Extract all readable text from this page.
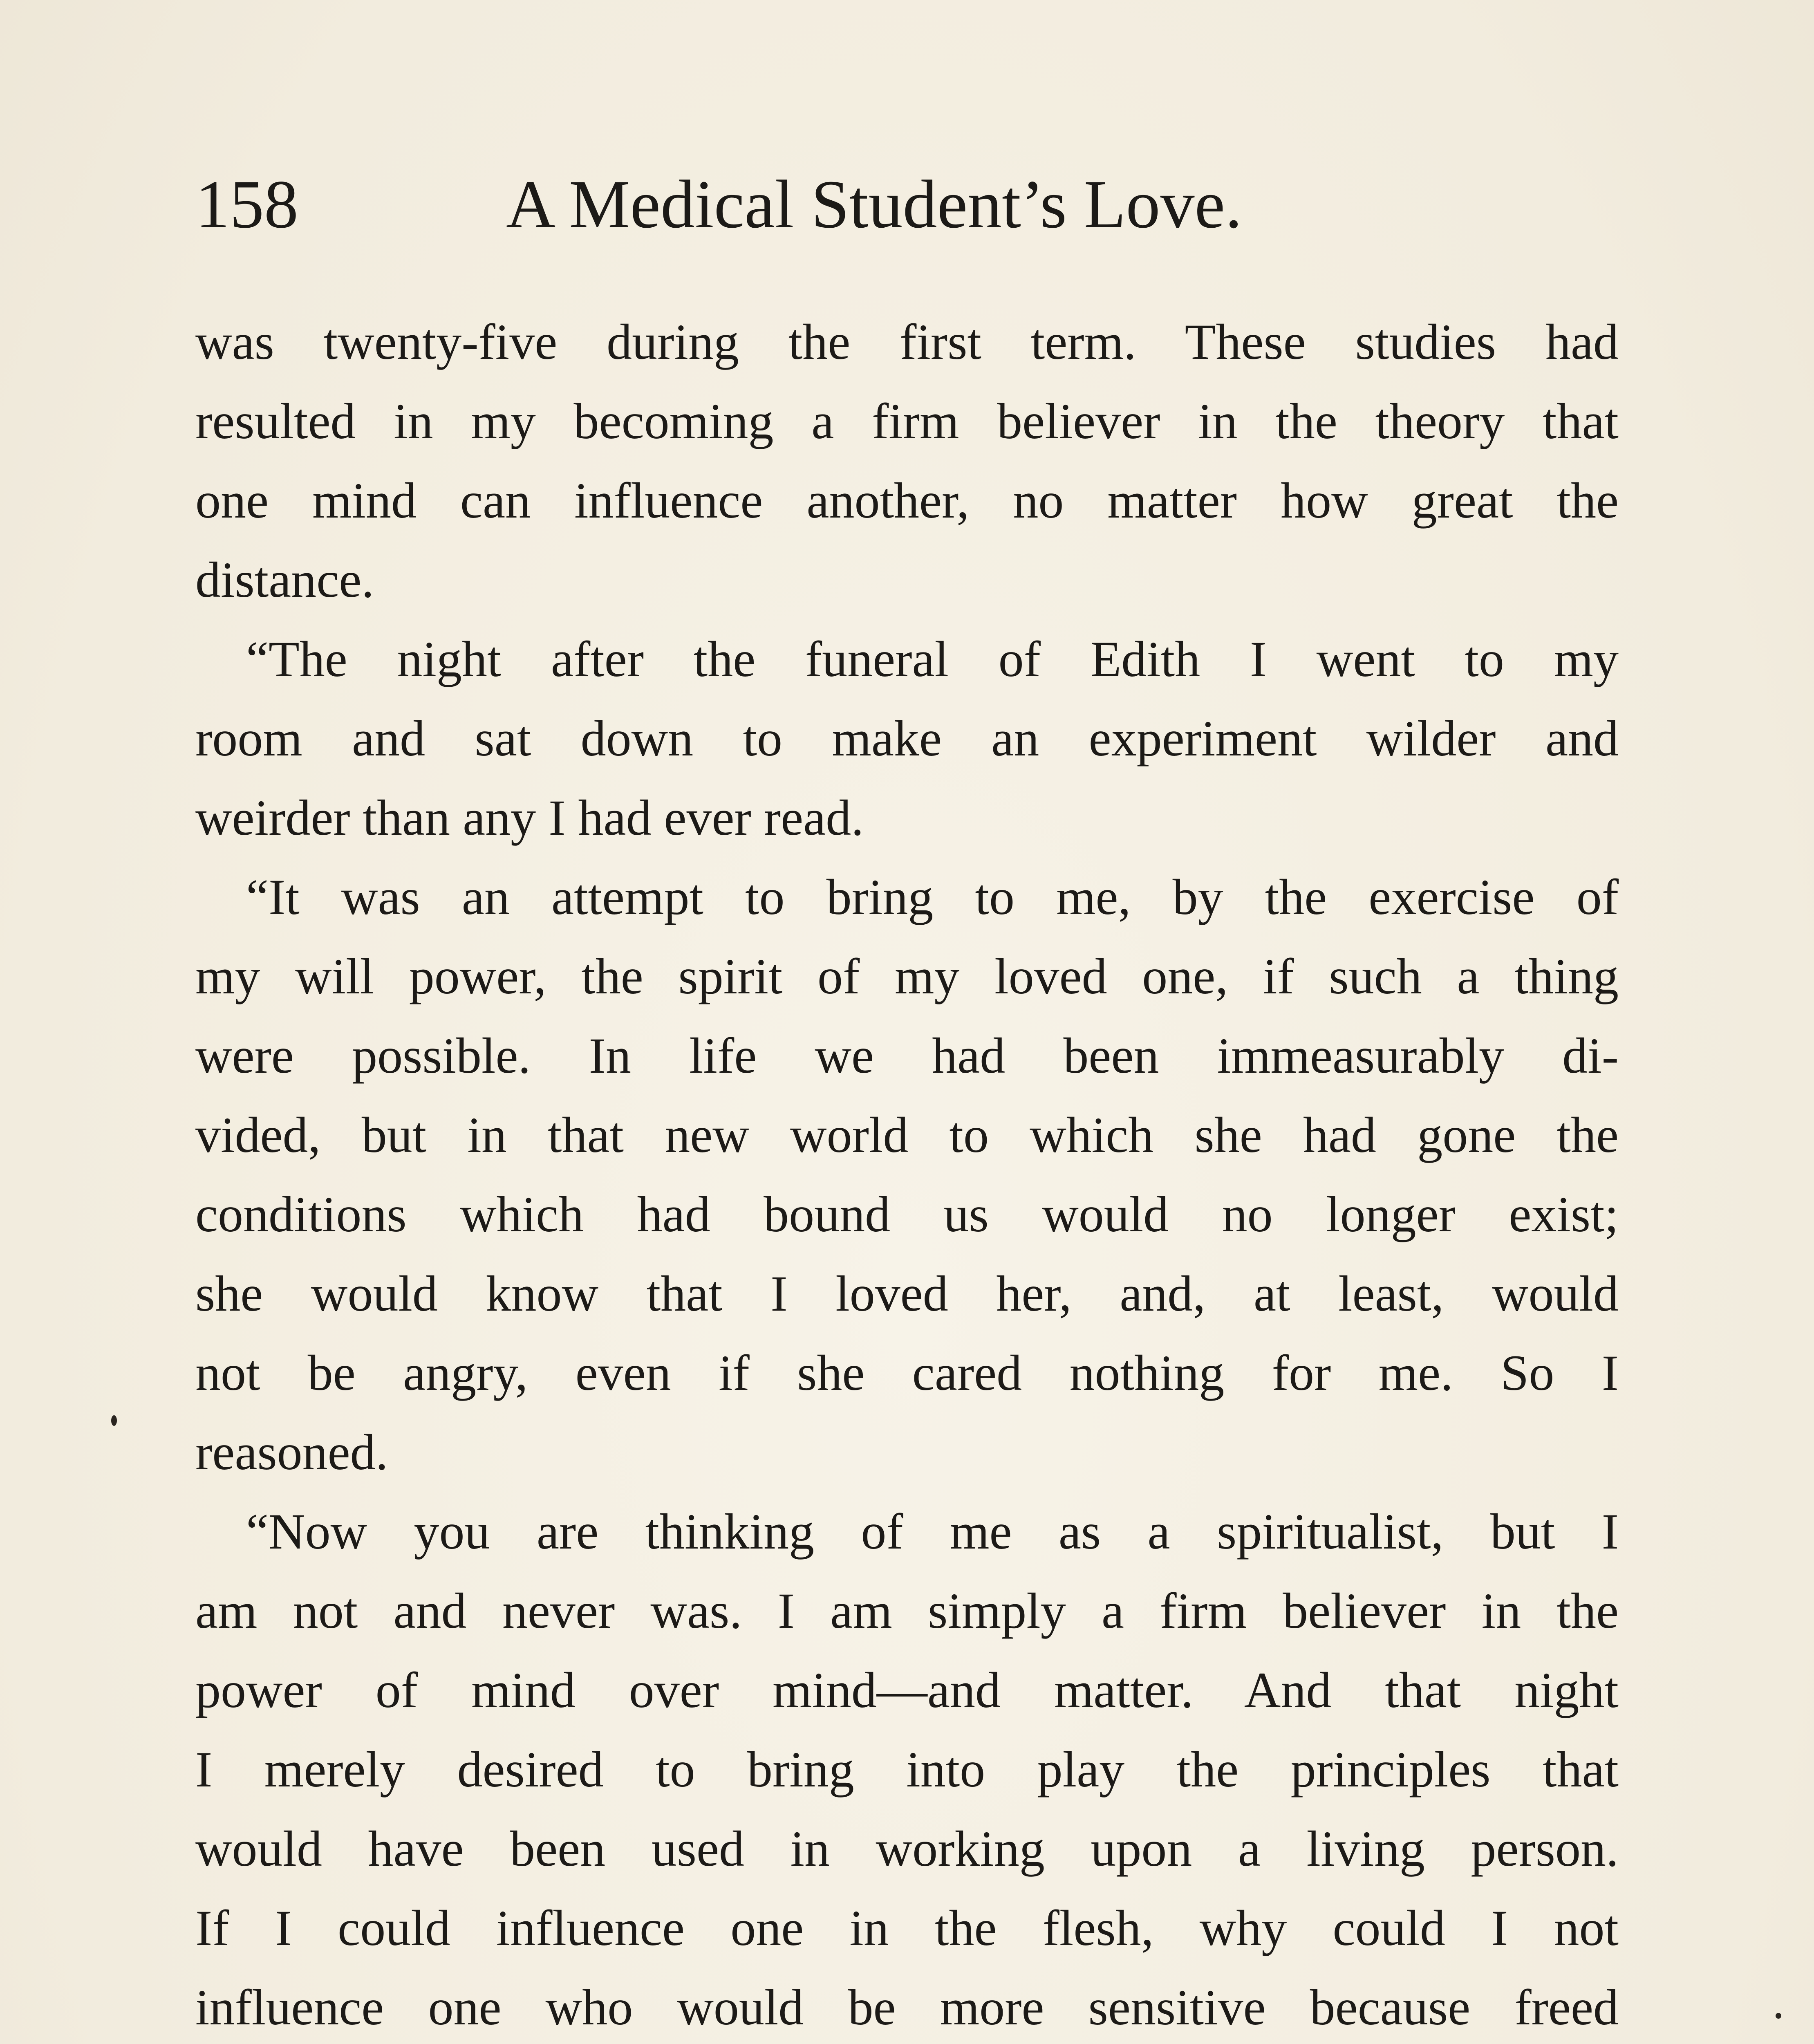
158	A Medical Student’s Love.
was twenty-five during the first term. These studies had
resulted in my becoming a firm believer in the theory that
one mind can influence another, no matter how great the
distance.
“The night after the funeral of Edith I went to my
room and sat down to make an experiment wilder and
weirder than any I had ever read.
“It was an attempt to bring to me, by the exercise of
my will power, the spirit of my loved one, if such a thing
were possible. In life we had been immeasurably di-
vided, but in that new world to which she had gone the
conditions which had bound us would no longer exist;
she would know that I loved her, and, at least, would
not be angry, even if she cared nothing for me. So I
reasoned.
“Now you are thinking of me as a spiritualist, but I
am not and never was. I am simply a firm believer in the
power of mind over mind—and matter. And that night
I merely desired to bring into play the principles that
would have been used in working upon a living person.
If I could influence one in the flesh, why could I not
influence one who would be more sensitive because freed
